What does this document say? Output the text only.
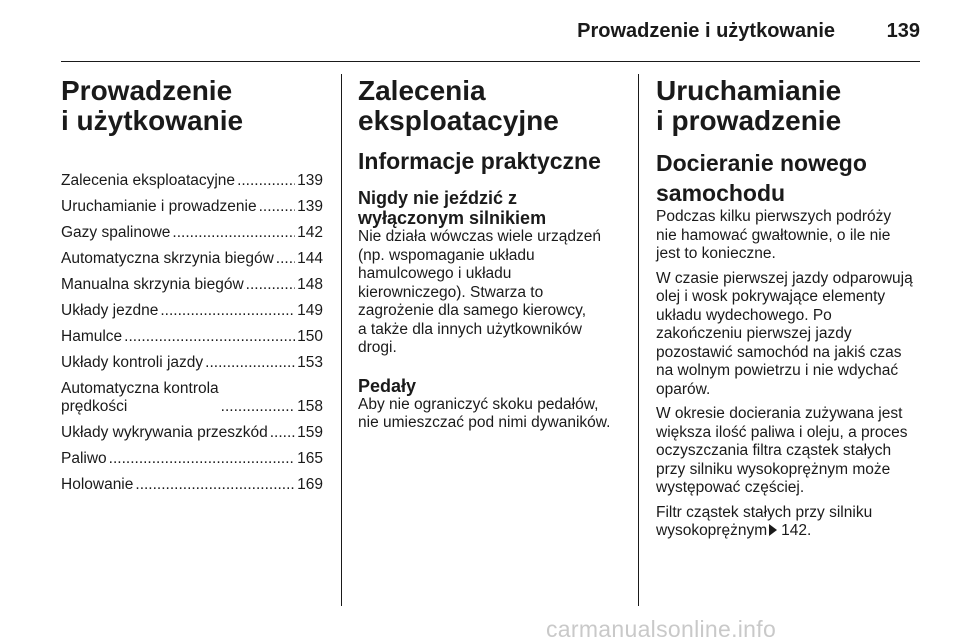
Prowadzenie i użytkowanie	139
Prowadzenie
i użytkowanie
Zalecenia eksploatacyjne .....	139
Uruchamianie i prowadzenie .....	139
Gazy spalinowe .....	142
Automatyczna skrzynia biegów ..... 144
Manualna skrzynia biegów .....	148
Układy jezdne .....	149
Hamulce .....	150
Układy kontroli jazdy .....	153
Automatyczna kontrola
prędkości .....	158
Układy wykrywania przeszkód ..... 159
Paliwo .....	165
Holowanie .....	169
Zalecenia
eksploatacyjne
Informacje praktyczne
Nigdy nie jeździć z wyłączonym silnikiem

Nie działa wówczas wiele urządzeń
(np. wspomaganie układu
hamulcowego i układu
kierowniczego). Stwarza to
zagrożenie dla samego kierowcy,
a także dla innych użytkowników
drogi.

Pedały

Aby nie ograniczyć skoku pedałów,
nie umieszczać pod nimi dywaników.

Uruchamianie
i prowadzenie
Docieranie nowego
samochodu

Podczas kilku pierwszych podróży
nie hamować gwałtownie, o ile nie
jest to konieczne.

W czasie pierwszej jazdy odparowują
olej i wosk pokrywające elementy
układu wydechowego. Po
zakończeniu pierwszej jazdy
pozostawić samochód na jakiś czas
na wolnym powietrzu i nie wdychać
oparów.

W okresie docierania zużywana jest
większa ilość paliwa i oleju, a proces
oczyszczania filtra cząstek stałych
przy silniku wysokoprężnym może
występować częściej.

Filtr cząstek stałych przy silniku
wysokoprężnym 142.

carmanualsonline.info
